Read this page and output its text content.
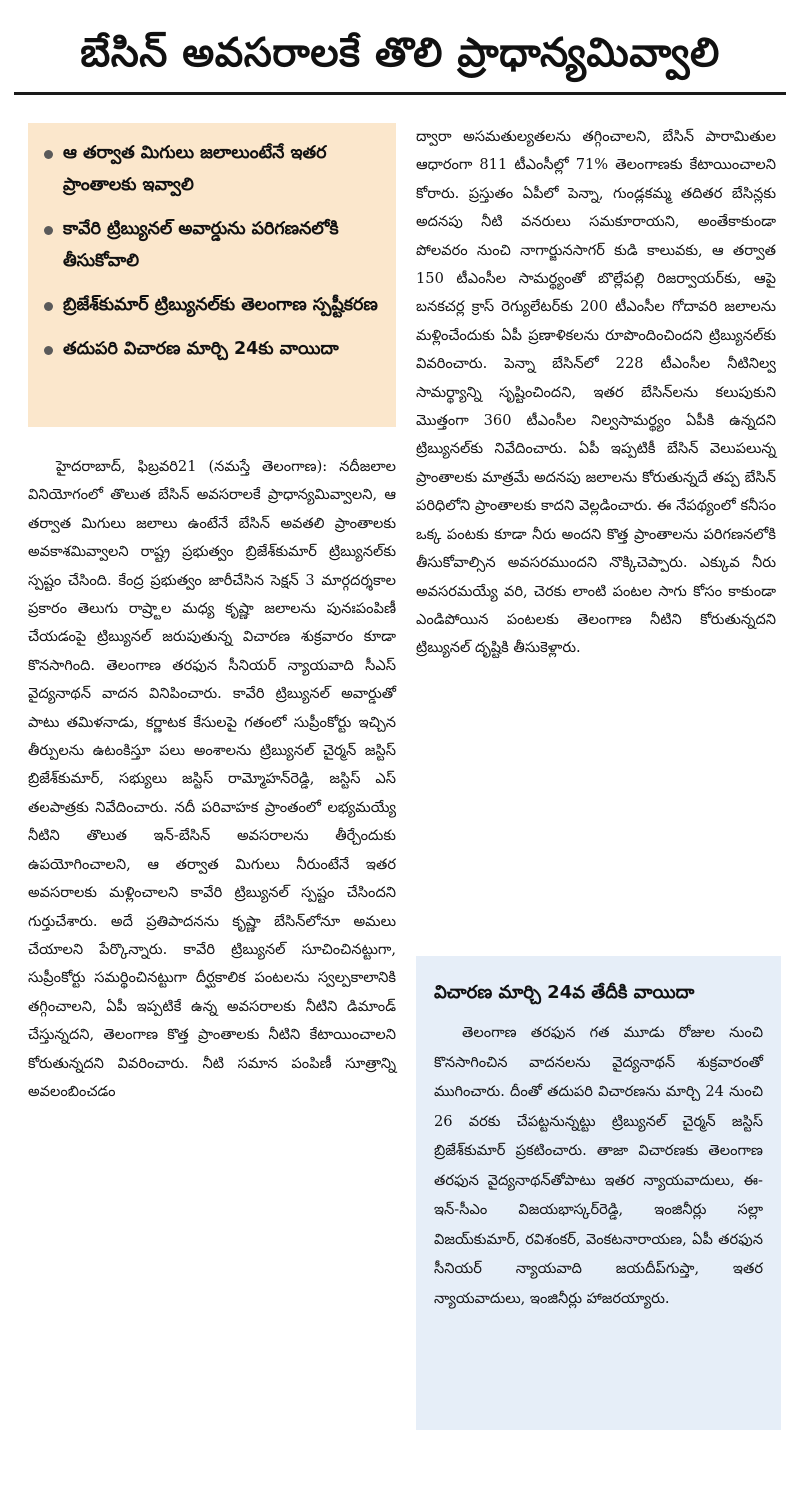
బేసిన్ అవసరాలకే తొలి ప్రాధాన్యమివ్వాలి
ఆ తర్వాత మిగులు జలాలుంటేనే ఇతర ప్రాంతాలకు ఇవ్వాలి
కావేరి ట్రిబ్యునల్ అవార్డును పరిగణనలోకి తీసుకోవాలి
బ్రిజేశ్‌కుమార్ ట్రిబ్యునల్‌కు తెలంగాణ స్పష్టీకరణ
తదుపరి విచారణ మార్చి 24కు వాయిదా

హైదరాబాద్, ఫిబ్రవరి21 (నమస్తే తెలంగాణ): నదీజలాల వినియోగంలో తొలుత బేసిన్ అవసరాలకే ప్రాధాన్యమివ్వాలని, ఆ తర్వాత మిగులు జలాలు ఉంటేనే బేసిన్ అవతలి ప్రాంతాలకు అవకాశమివ్వాలని రాష్ట్ర ప్రభుత్వం బ్రిజేశ్‌కుమార్ ట్రిబ్యునల్‌కు స్పష్టం చేసింది. కేంద్ర ప్రభుత్వం జారీచేసిన సెక్షన్ 3 మార్గదర్శకాల ప్రకారం తెలుగు రాష్ర్టాల మధ్య కృష్ణా జలాలను పునఃపంపిణీ చేయడంపై ట్రిబ్యునల్ జరుపుతున్న విచారణ శుక్రవారం కూడా కొనసాగింది. తెలంగాణ తరఫున సీనియర్ న్యాయవాది సీఎస్ వైద్యనాథన్ వాదన వినిపించారు. కావేరి ట్రిబ్యునల్ అవార్డుతో పాటు తమిళనాడు, కర్ణాటక కేసులపై గతంలో సుప్రీంకోర్టు ఇచ్చిన తీర్పులను ఉటంకిస్తూ పలు అంశాలను ట్రిబ్యునల్ చైర్మన్ జస్టిస్ బ్రిజేశ్‌కుమార్, సభ్యులు జస్టిస్ రామ్మోహన్‌రెడ్డి, జస్టిస్ ఎస్ తలపాత్రకు నివేదించారు. నదీ పరివాహక ప్రాంతంలో లభ్యమయ్యే నీటిని తొలుత ఇన్-బేసిన్ అవసరాలను తీర్చేందుకు ఉపయోగించాలని, ఆ తర్వాత మిగులు నీరుంటేనే ఇతర అవసరాలకు మళ్లించాలని కావేరి ట్రిబ్యునల్ స్పష్టం చేసిందని గుర్తుచేశారు. అదే ప్రతిపాదనను కృష్ణా బేసిన్‌లోనూ అమలు చేయాలని పేర్కొన్నారు. కావేరి ట్రిబ్యునల్ సూచించినట్టుగా, సుప్రీంకోర్టు సమర్థించినట్టుగా దీర్ఘకాలిక పంటలను స్వల్పకాలానికి తగ్గించాలని, ఏపీ ఇప్పటికే ఉన్న అవసరాలకు నీటిని డిమాండ్ చేస్తున్నదని, తెలంగాణ కొత్త ప్రాంతాలకు నీటిని కేటాయించాలని కోరుతున్నదని వివరించారు. నీటి సమాన పంపిణీ సూత్రాన్ని అవలంబించడం

ద్వారా అసమతుల్యతలను తగ్గించాలని, బేసిన్ పారామితుల ఆధారంగా 811 టీఎంసీల్లో 71% తెలంగాణకు కేటాయించాలని కోరారు. ప్రస్తుతం ఏపీలో పెన్నా, గుండ్లకమ్మ తదితర బేసిన్లకు అదనపు నీటి వనరులు సమకూరాయని, అంతేకాకుండా పోలవరం నుంచి నాగార్జునసాగర్ కుడి కాలువకు, ఆ తర్వాత 150 టీఎంసీల సామర్థ్యంతో బొల్లేపల్లి రిజర్వాయర్‌కు, ఆపై బనకచర్ల క్రాస్ రెగ్యులేటర్‌కు 200 టీఎంసీల గోదావరి జలాలను మళ్లించేందుకు ఏపీ ప్రణాళికలను రూపొందించిందని ట్రిబ్యునల్‌కు వివరించారు. పెన్నా బేసిన్‌లో 228 టీఎంసీల నీటినిల్వ సామర్థ్యాన్ని సృష్టించిందని, ఇతర బేసిన్‌లను కలుపుకుని మొత్తంగా 360 టీఎంసీల నిల్వసామర్థ్యం ఏపీకి ఉన్నదని ట్రిబ్యునల్‌కు నివేదించారు. ఏపీ ఇప్పటికీ బేసిన్ వెలుపలున్న ప్రాంతాలకు మాత్రమే అదనపు జలాలను కోరుతున్నదే తప్ప బేసిన్ పరిధిలోని ప్రాంతాలకు కాదని వెల్లడించారు. ఈ నేపథ్యంలో కనీసం ఒక్క పంటకు కూడా నీరు అందని కొత్త ప్రాంతాలను పరిగణనలోకి తీసుకోవాల్సిన అవసరముందని నొక్కిచెప్పారు. ఎక్కువ నీరు అవసరమయ్యే వరి, చెరకు లాంటి పంటల సాగు కోసం కాకుండా ఎండిపోయిన పంటలకు తెలంగాణ నీటిని కోరుతున్నదని ట్రిబ్యునల్ దృష్టికి తీసుకెళ్లారు.

విచారణ మార్చి 24వ తేదీకి వాయిదా

తెలంగాణ తరఫున గత మూడు రోజుల నుంచి కొనసాగించిన వాదనలను వైద్యనాథన్ శుక్రవారంతో ముగించారు. దీంతో తదుపరి విచారణను మార్చి 24 నుంచి 26 వరకు చేపట్టనున్నట్టు ట్రిబ్యునల్ చైర్మన్ జస్టిస్ బ్రిజేశ్‌కుమార్ ప్రకటించారు. తాజా విచారణకు తెలంగాణ తరఫున వైద్యనాథన్‌తోపాటు ఇతర న్యాయవాదులు, ఈ-ఇన్-సీఎం విజయభాస్కర్‌రెడ్డి, ఇంజినీర్లు సల్లా విజయ్‌కుమార్, రవిశంకర్, వెంకటనారాయణ, ఏపీ తరఫున సీనియర్ న్యాయవాది జయదీప్‌గుప్తా, ఇతర న్యాయవాదులు, ఇంజినీర్లు హాజరయ్యారు.
